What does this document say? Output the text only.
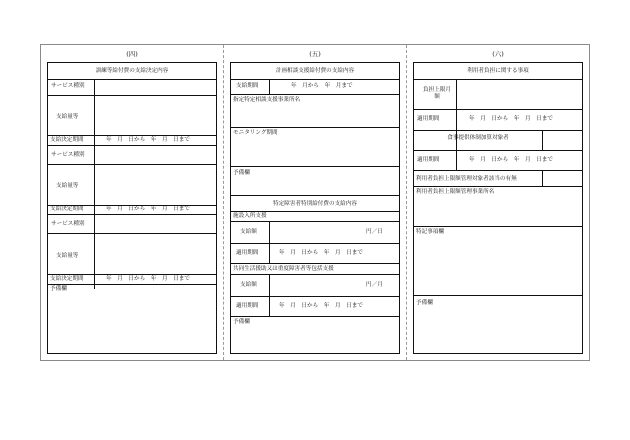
(四)
訓練等給付費の支給決定内容
サービス種別
支給量等
支給決定期間	年　月　日から　年　月　日まで
サービス種別
支給量等
支給決定期間	年　月　日から　年　月　日まで
サービス種別
支給量等
支給決定期間	年　月　日から　年　月　日まで
予備欄
(五)
計画相談支援給付費の支給内容
支給期間	年　月から　年　月まで
指定特定相談支援事業所名
モニタリング期間
予備欄
特定障害者特別給付費の支給内容
施設入所支援
支給額	円／日
適用期間	年　月　日から　年　月　日まで
共同生活援助又は重度障害者等包括支援
支給額	円／月
適用期間	年　月　日から　年　月　日まで
予備欄
(六)
利用者負担に関する事項
負担上限月額
適用期間	年　月　日から　年　月　日まで
食事提供体制加算対象者
適用期間	年　月　日から　年　月　日まで
利用者負担上限額管理対象者該当の有無
利用者負担上限額管理事業所名
特記事項欄
予備欄
